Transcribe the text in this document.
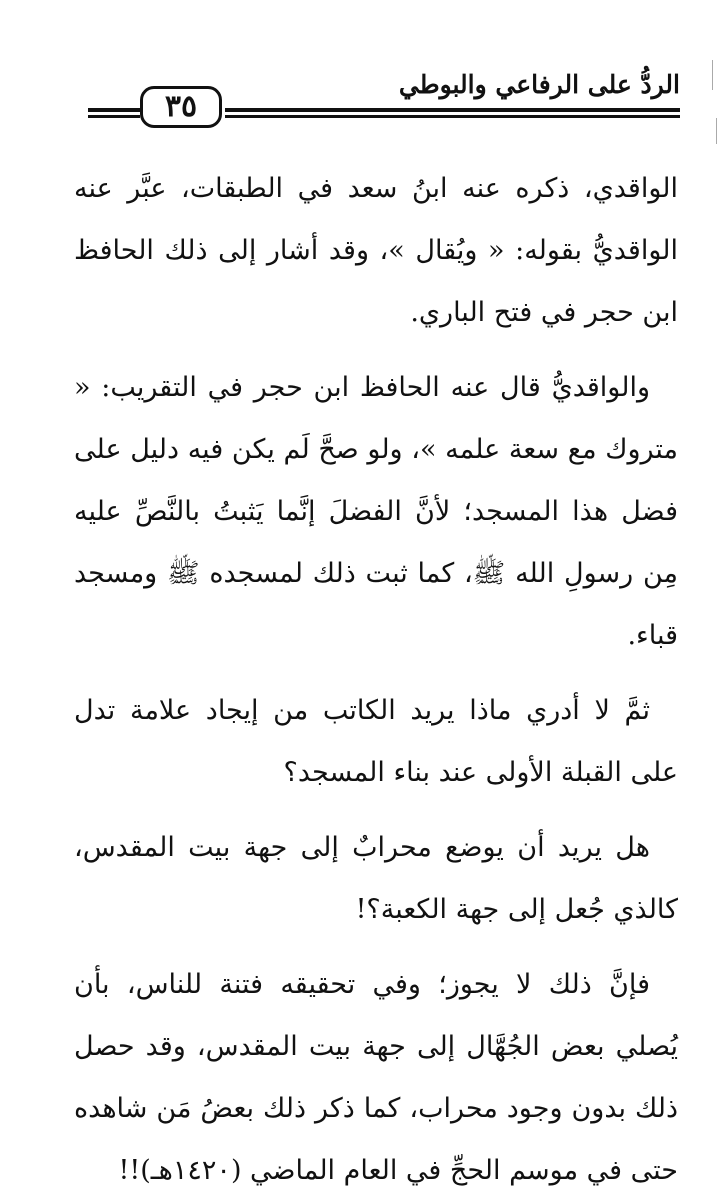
الردُّ على الرفاعي والبوطي
٣٥

الواقدي، ذكره عنه ابنُ سعد في الطبقات، عبَّر عنه الواقديُّ بقوله: « ويُقال »، وقد أشار إلى ذلك الحافظ ابن حجر في فتح الباري.

والواقديُّ قال عنه الحافظ ابن حجر في التقريب: « متروك مع سعة علمه »، ولو صحَّ لَم يكن فيه دليل على فضل هذا المسجد؛ لأنَّ الفضلَ إنَّما يَثبتُ بالنَّصِّ عليه مِن رسولِ الله ﷺ، كما ثبت ذلك لمسجده ﷺ ومسجد قباء.

ثمَّ لا أدري ماذا يريد الكاتب من إيجاد علامة تدل على القبلة الأولى عند بناء المسجد؟

هل يريد أن يوضع محرابٌ إلى جهة بيت المقدس، كالذي جُعل إلى جهة الكعبة؟!

فإنَّ ذلك لا يجوز؛ وفي تحقيقه فتنة للناس، بأن يُصلي بعض الجُهَّال إلى جهة بيت المقدس، وقد حصل ذلك بدون وجود محراب، كما ذكر ذلك بعضُ مَن شاهده حتى في موسم الحجِّ في العام الماضي (١٤٢٠هـ)!!
